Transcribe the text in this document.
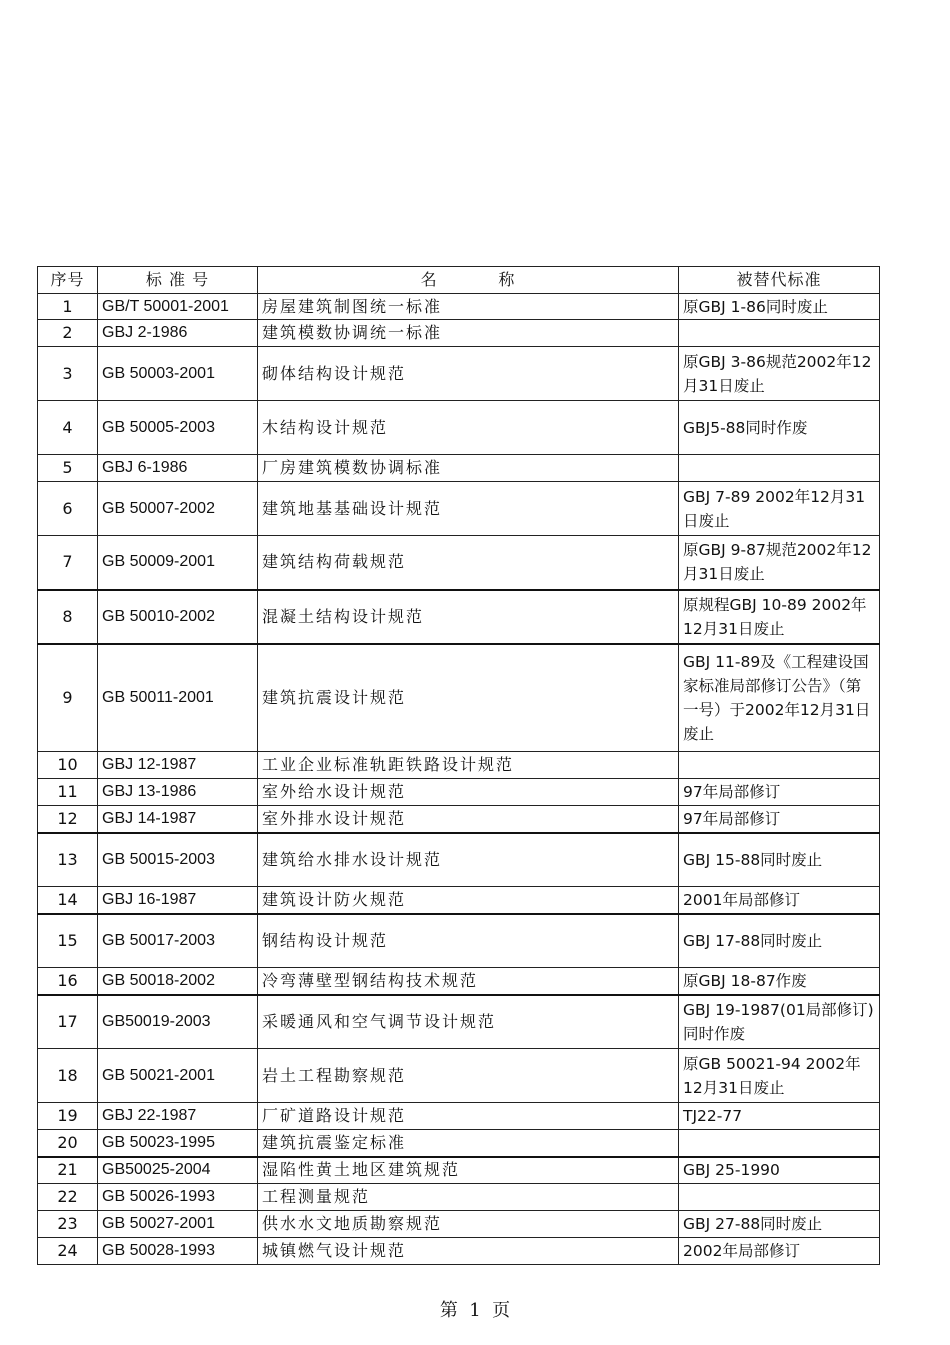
序号	标 准 号	名          称	被替代标准
1	GB/T 50001-2001	房屋建筑制图统一标准	原GBJ 1-86同时废止
2	GBJ 2-1986	建筑模数协调统一标准	
3	GB 50003-2001	砌体结构设计规范	原GBJ 3-86规范2002年12月31日废止
4	GB 50005-2003	木结构设计规范	GBJ5-88同时作废
5	GBJ 6-1986	厂房建筑模数协调标准	
6	GB 50007-2002	建筑地基基础设计规范	GBJ 7-89 2002年12月31日废止
7	GB 50009-2001	建筑结构荷载规范	原GBJ 9-87规范2002年12月31日废止
8	GB 50010-2002	混凝土结构设计规范	原规程GBJ 10-89 2002年12月31日废止
9	GB 50011-2001	建筑抗震设计规范	GBJ 11-89及《工程建设国家标准局部修订公告》（第一号）于2002年12月31日废止
10	GBJ 12-1987	工业企业标准轨距铁路设计规范	
11	GBJ 13-1986	室外给水设计规范	97年局部修订
12	GBJ 14-1987	室外排水设计规范	97年局部修订
13	GB 50015-2003	建筑给水排水设计规范	GBJ 15-88同时废止
14	GBJ 16-1987	建筑设计防火规范	2001年局部修订
15	GB 50017-2003	钢结构设计规范	GBJ 17-88同时废止
16	GB 50018-2002	冷弯薄壁型钢结构技术规范	原GBJ 18-87作废
17	GB50019-2003	采暖通风和空气调节设计规范	GBJ 19-1987(01局部修订)同时作废
18	GB 50021-2001	岩土工程勘察规范	原GB 50021-94 2002年12月31日废止
19	GBJ 22-1987	厂矿道路设计规范	TJ22-77
20	GB 50023-1995	建筑抗震鉴定标准	
21	GB50025-2004	湿陷性黄土地区建筑规范	GBJ 25-1990
22	GB 50026-1993	工程测量规范	
23	GB 50027-2001	供水水文地质勘察规范	GBJ 27-88同时废止
24	GB 50028-1993	城镇燃气设计规范	2002年局部修订
第  1  页
